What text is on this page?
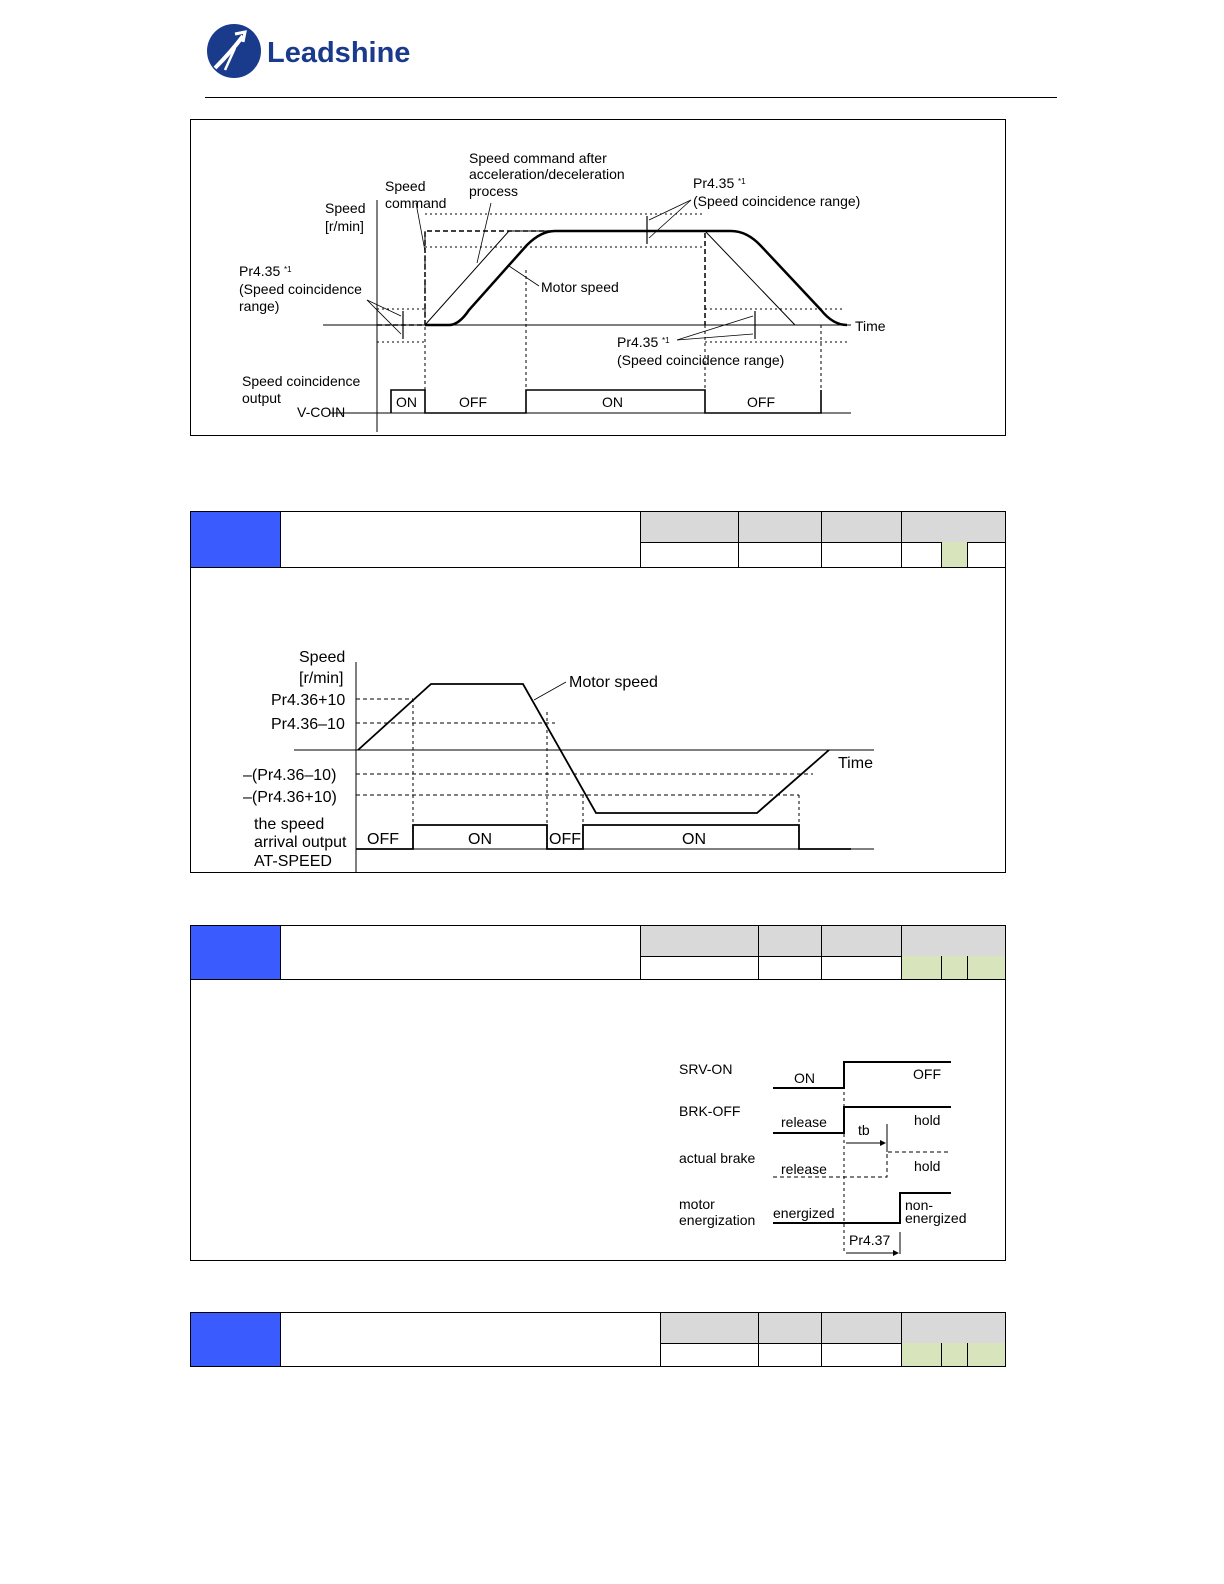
Leadshine
Speed
[r/min]
Speed
command
Speed command after
acceleration/deceleration
process	Pr4.35 *1
(Speed coincidence range)
Pr4.35 *1
(Speed coincidence
range)
Motor speed
Time
Pr4.35 *1
(Speed coincidence range)
Speed coincidence
output
V-COIN
ON	OFF	ON	OFF
Speed
[r/min]
Pr4.36+10
Pr4.36–10
–(Pr4.36–10)
–(Pr4.36+10)
Motor speed
Time
the speed
arrival output
AT-SPEED
OFF	ON	OFF	ON
SRV-ON
BRK-OFF
actual brake
motor
energization
ON	OFF
release	hold
release	hold
energized	non-
energized
tb
Pr4.37
